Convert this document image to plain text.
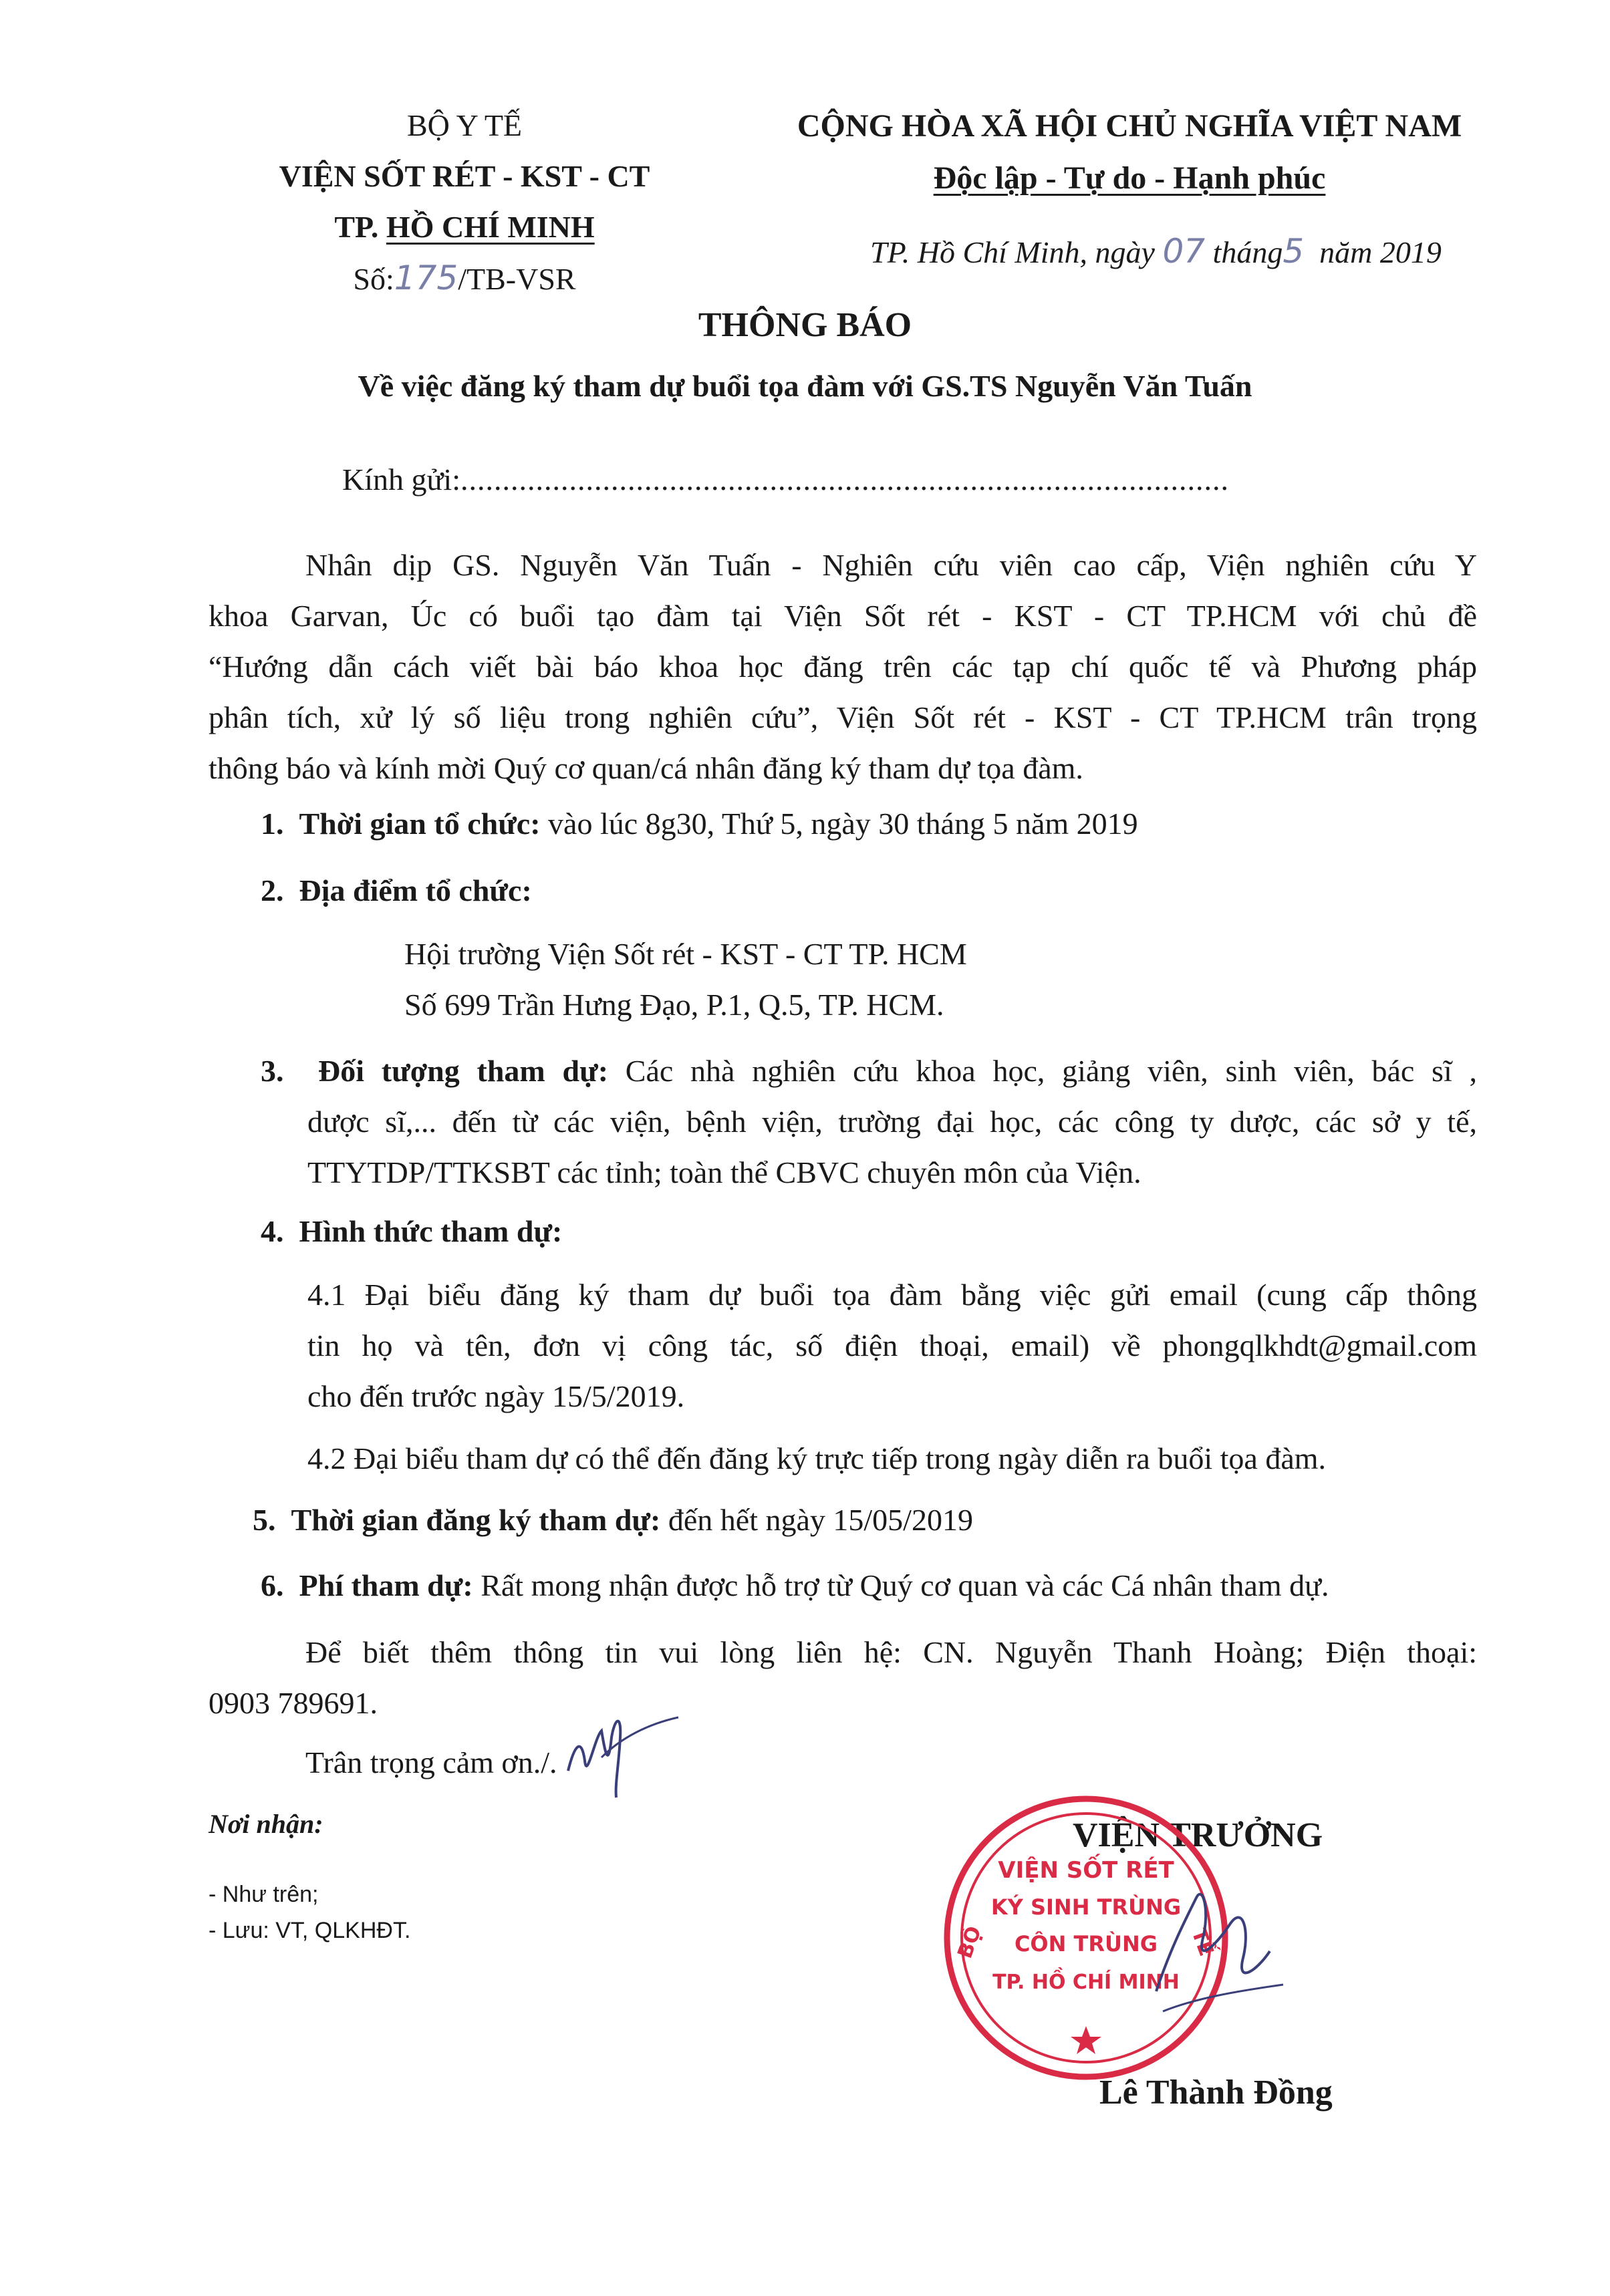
BỘ Y TẾ
VIỆN SỐT RÉT - KST - CT
TP. HỒ CHÍ MINH
Số:175/TB-VSR
CỘNG HÒA XÃ HỘI CHỦ NGHĨA VIỆT NAM
Độc lập - Tự do - Hạnh phúc
TP. Hồ Chí Minh, ngày 07 tháng5 năm 2019
THÔNG BÁO
Về việc đăng ký tham dự buổi tọa đàm với GS.TS Nguyễn Văn Tuấn
Kính gửi:............................................................................................
Nhân dịp GS. Nguyễn Văn Tuấn - Nghiên cứu viên cao cấp, Viện nghiên cứu Y
khoa Garvan, Úc có buổi tạo đàm tại Viện Sốt rét - KST - CT TP.HCM với chủ đề
“Hướng dẫn cách viết bài báo khoa học đăng trên các tạp chí quốc tế và Phương pháp
phân tích, xử lý số liệu trong nghiên cứu”, Viện Sốt rét - KST - CT TP.HCM trân trọng
thông báo và kính mời Quý cơ quan/cá nhân đăng ký tham dự tọa đàm.
1. Thời gian tổ chức: vào lúc 8g30, Thứ 5, ngày 30 tháng 5 năm 2019
2. Địa điểm tổ chức:
Hội trường Viện Sốt rét - KST - CT TP. HCM
Số 699 Trần Hưng Đạo, P.1, Q.5, TP. HCM.
3. Đối tượng tham dự: Các nhà nghiên cứu khoa học, giảng viên, sinh viên, bác sĩ ,
dược sĩ,... đến từ các viện, bệnh viện, trường đại học, các công ty dược, các sở y tế,
TTYTDP/TTKSBT các tỉnh; toàn thể CBVC chuyên môn của Viện.
4. Hình thức tham dự:
4.1 Đại biểu đăng ký tham dự buổi tọa đàm bằng việc gửi email (cung cấp thông
tin họ và tên, đơn vị công tác, số điện thoại, email) về phongqlkhdt@gmail.com
cho đến trước ngày 15/5/2019.
4.2 Đại biểu tham dự có thể đến đăng ký trực tiếp trong ngày diễn ra buổi tọa đàm.
5. Thời gian đăng ký tham dự: đến hết ngày 15/05/2019
6. Phí tham dự: Rất mong nhận được hỗ trợ từ Quý cơ quan và các Cá nhân tham dự.
Để biết thêm thông tin vui lòng liên hệ: CN. Nguyễn Thanh Hoàng; Điện thoại:
0903 789691.
Trân trọng cảm ơn./.
Nơi nhận:
- Như trên;
- Lưu: VT, QLKHĐT.
VIỆN TRƯỞNG
VIỆN SỐT RÉT
KÝ SINH TRÙNG
CÔN TRÙNG
TP. HỒ CHÍ MINH
BỘ	TẾ
Lê Thành Đồng
